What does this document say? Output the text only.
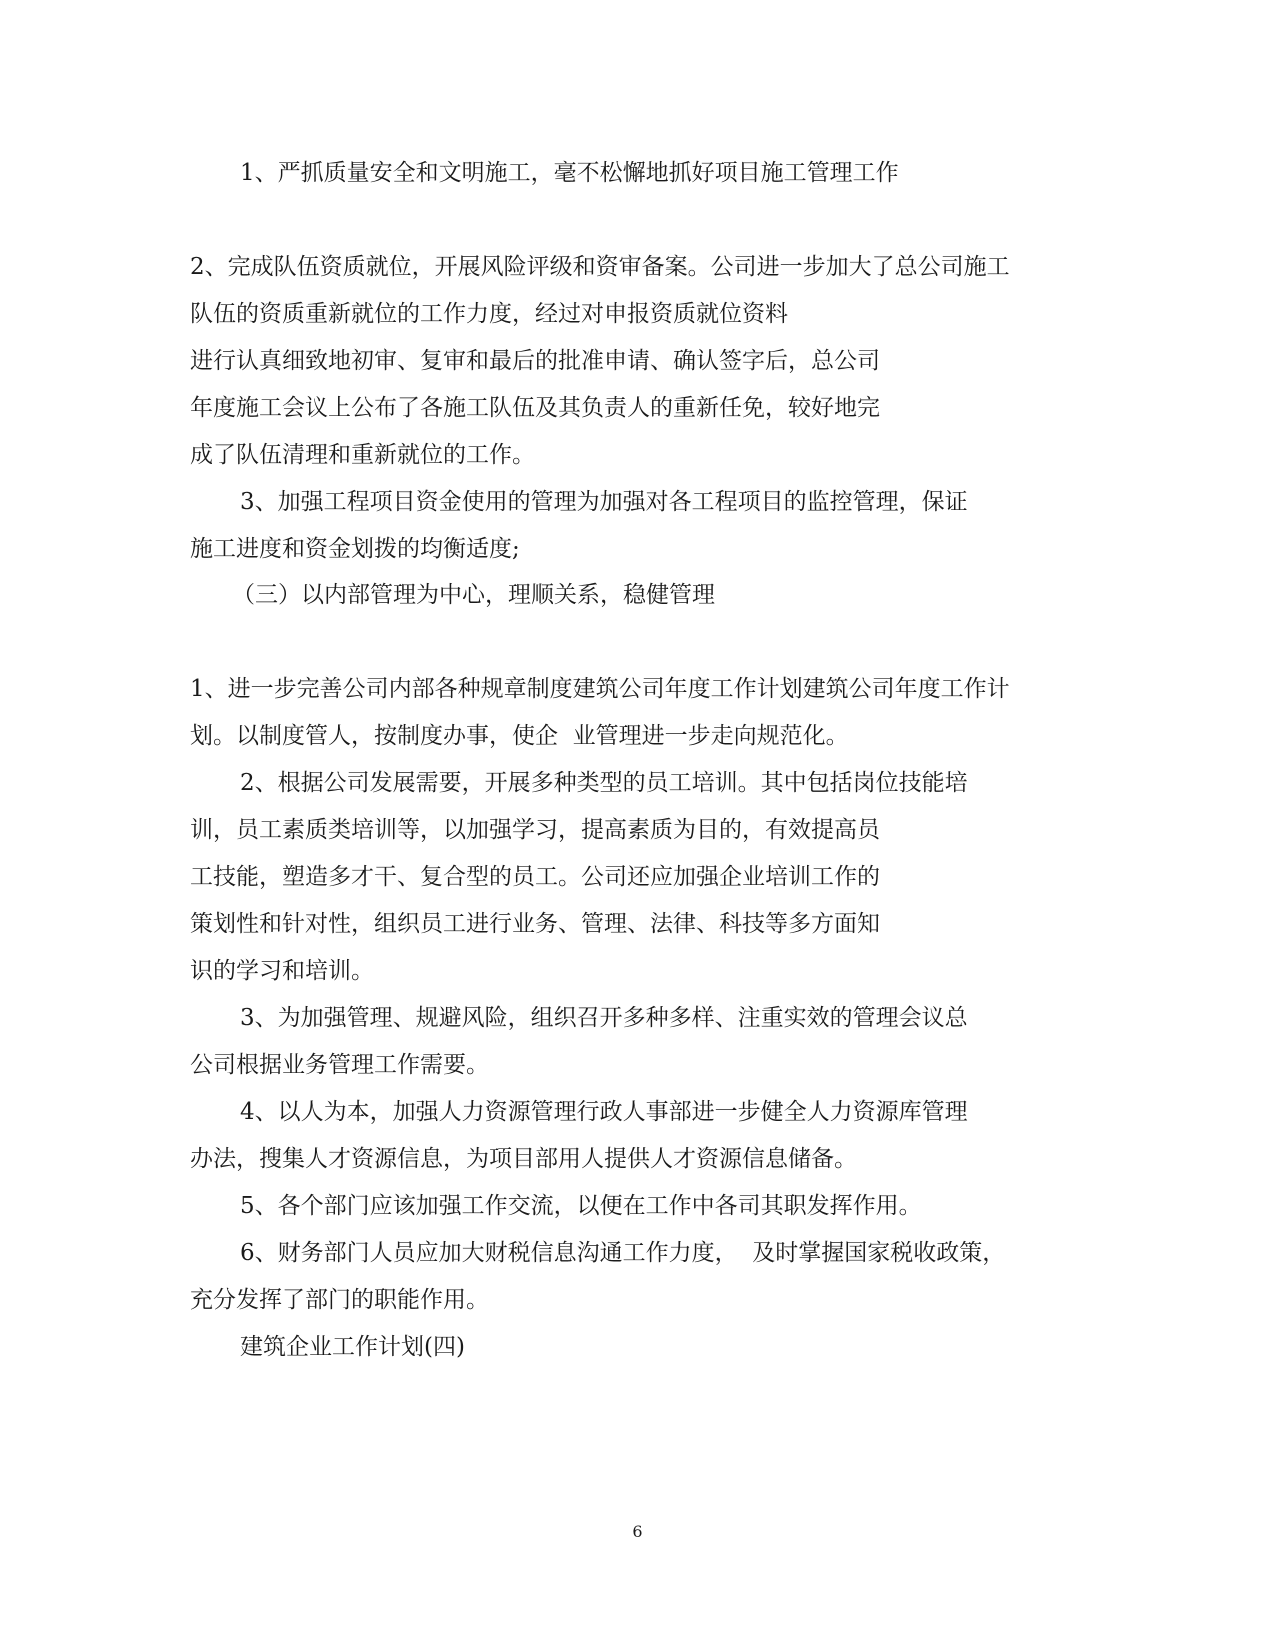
1、严抓质量安全和文明施工，毫不松懈地抓好项目施工管理工作

2、完成队伍资质就位，开展风险评级和资审备案。公司进一步加大了总公司施工

队伍的资质重新就位的工作力度，经过对申报资质就位资料

进行认真细致地初审、复审和最后的批准申请、确认签字后，总公司

年度施工会议上公布了各施工队伍及其负责人的重新任免，较好地完

成了队伍清理和重新就位的工作。

3、加强工程项目资金使用的管理为加强对各工程项目的监控管理，保证

施工进度和资金划拨的均衡适度;

（三）以内部管理为中心，理顺关系，稳健管理

1、进一步完善公司内部各种规章制度建筑公司年度工作计划建筑公司年度工作计

划。以制度管人，按制度办事，使企  业管理进一步走向规范化。

2、根据公司发展需要，开展多种类型的员工培训。其中包括岗位技能培

训，员工素质类培训等，以加强学习，提高素质为目的，有效提高员

工技能，塑造多才干、复合型的员工。公司还应加强企业培训工作的

策划性和针对性，组织员工进行业务、管理、法律、科技等多方面知

识的学习和培训。

3、为加强管理、规避风险，组织召开多种多样、注重实效的管理会议总

公司根据业务管理工作需要。

4、以人为本，加强人力资源管理行政人事部进一步健全人力资源库管理

办法，搜集人才资源信息，为项目部用人提供人才资源信息储备。

5、各个部门应该加强工作交流，以便在工作中各司其职发挥作用。

6、财务部门人员应加大财税信息沟通工作力度，  及时掌握国家税收政策，

充分发挥了部门的职能作用。

建筑企业工作计划(四)

6
